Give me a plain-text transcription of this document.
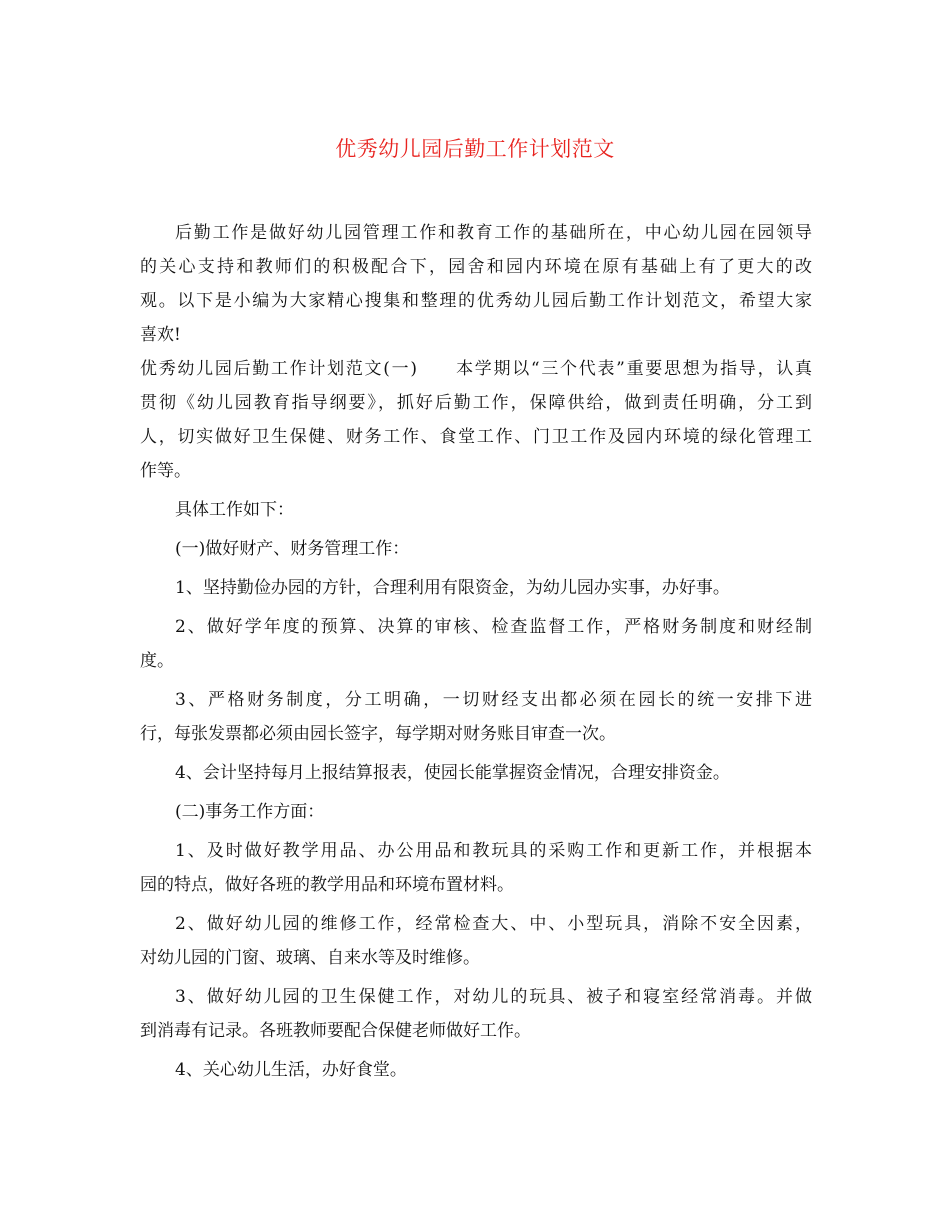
优秀幼儿园后勤工作计划范文
后勤工作是做好幼儿园管理工作和教育工作的基础所在，中心幼儿园在园领导
的关心支持和教师们的积极配合下，园舍和园内环境在原有基础上有了更大的改
观。以下是小编为大家精心搜集和整理的优秀幼儿园后勤工作计划范文，希望大家
喜欢!
优秀幼儿园后勤工作计划范文(一) 本学期以“三个代表”重要思想为指导，认真
贯彻《幼儿园教育指导纲要》，抓好后勤工作，保障供给，做到责任明确，分工到
人，切实做好卫生保健、财务工作、食堂工作、门卫工作及园内环境的绿化管理工
作等。
具体工作如下：
(一)做好财产、财务管理工作：
1、坚持勤俭办园的方针，合理利用有限资金，为幼儿园办实事，办好事。
2、做好学年度的预算、决算的审核、检查监督工作，严格财务制度和财经制
度。
3、严格财务制度，分工明确，一切财经支出都必须在园长的统一安排下进
行，每张发票都必须由园长签字，每学期对财务账目审查一次。
4、会计坚持每月上报结算报表，使园长能掌握资金情况，合理安排资金。
(二)事务工作方面：
1、及时做好教学用品、办公用品和教玩具的采购工作和更新工作，并根据本
园的特点，做好各班的教学用品和环境布置材料。
2、做好幼儿园的维修工作，经常检查大、中、小型玩具，消除不安全因素，
对幼儿园的门窗、玻璃、自来水等及时维修。
3、做好幼儿园的卫生保健工作，对幼儿的玩具、被子和寝室经常消毒。并做
到消毒有记录。各班教师要配合保健老师做好工作。
4、关心幼儿生活，办好食堂。
